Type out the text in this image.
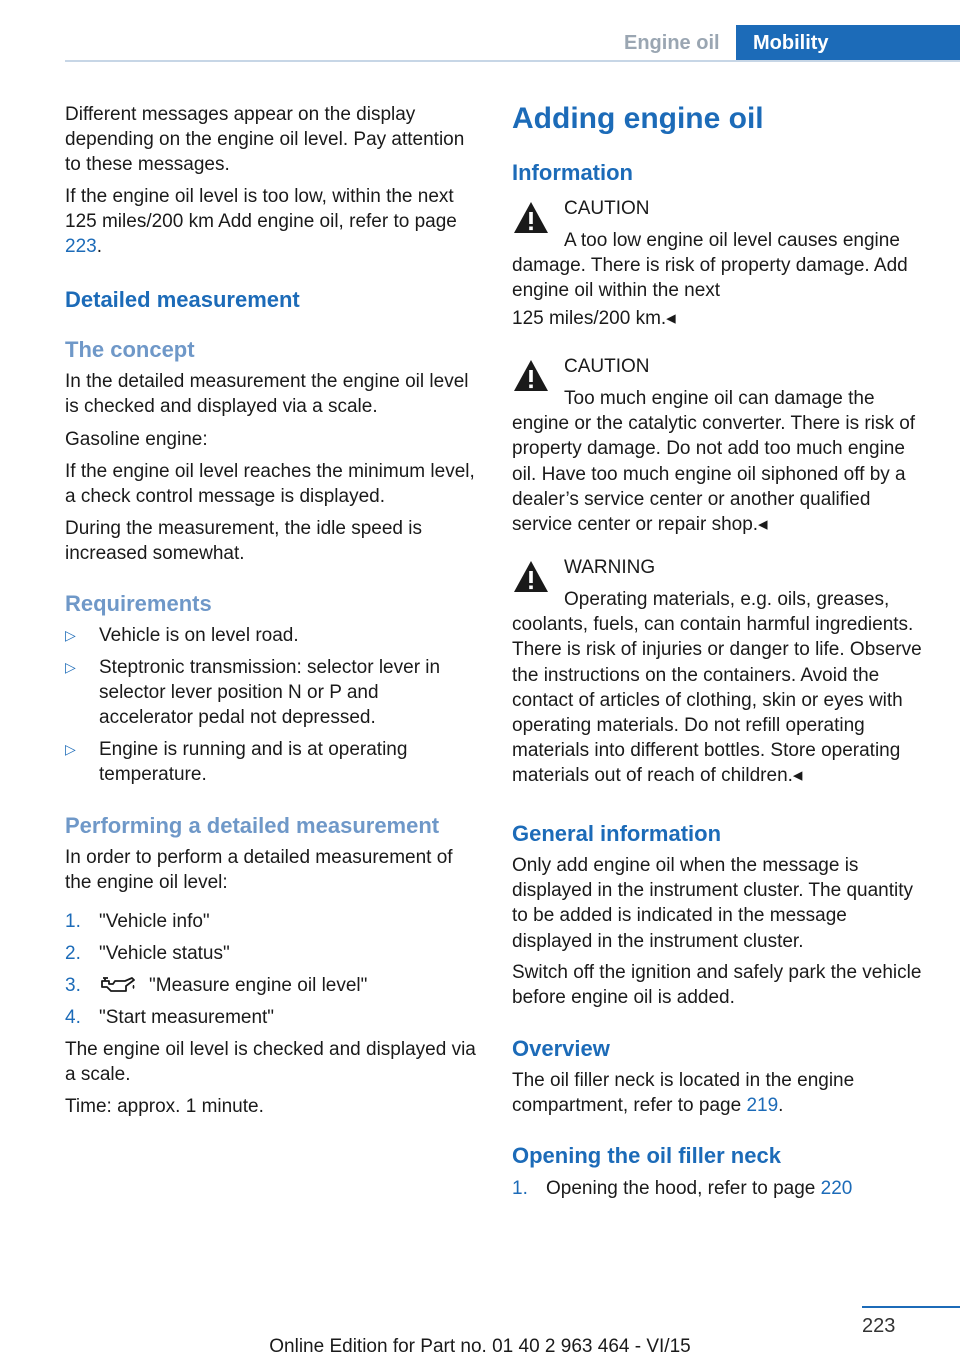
Engine oil	Mobility

Different messages appear on the display depending on the engine oil level. Pay attention to these messages.

If the engine oil level is too low, within the next 125 miles/200 km Add engine oil, refer to page 223.

Detailed measurement
The concept

In the detailed measurement the engine oil level is checked and displayed via a scale.

Gasoline engine:

If the engine oil level reaches the minimum level, a check control message is displayed.

During the measurement, the idle speed is increased somewhat.

Requirements
▷ Vehicle is on level road.

▷ Steptronic transmission: selector lever in selector lever position N or P and accelerator pedal not depressed.

▷ Engine is running and is at operating temperature.

Performing a detailed measurement

In order to perform a detailed measurement of the engine oil level:

1. "Vehicle info"

2. "Vehicle status"

3.	"Measure engine oil level"

4. "Start measurement"

The engine oil level is checked and displayed via a scale.

Time: approx. 1 minute.

Adding engine oil
Information
CAUTION

A too low engine oil level causes engine damage. There is risk of property damage. Add engine oil within the next

125 miles/200 km.◂

CAUTION

Too much engine oil can damage the engine or the catalytic converter. There is risk of property damage. Do not add too much engine oil. Have too much engine oil siphoned off by a dealer’s service center or another qualified service center or repair shop.◂

WARNING

Operating materials, e.g. oils, greases, coolants, fuels, can contain harmful ingredients. There is risk of injuries or danger to life. Observe the instructions on the containers. Avoid the contact of articles of clothing, skin or eyes with operating materials. Do not refill operating materials into different bottles. Store operating materials out of reach of children.◂

General information

Only add engine oil when the message is displayed in the instrument cluster. The quantity to be added is indicated in the message displayed in the instrument cluster.

Switch off the ignition and safely park the vehicle before engine oil is added.

Overview

The oil filler neck is located in the engine compartment, refer to page 219.

Opening the oil filler neck
1. Opening the hood, refer to page 220

223
Online Edition for Part no. 01 40 2 963 464 - VI/15
